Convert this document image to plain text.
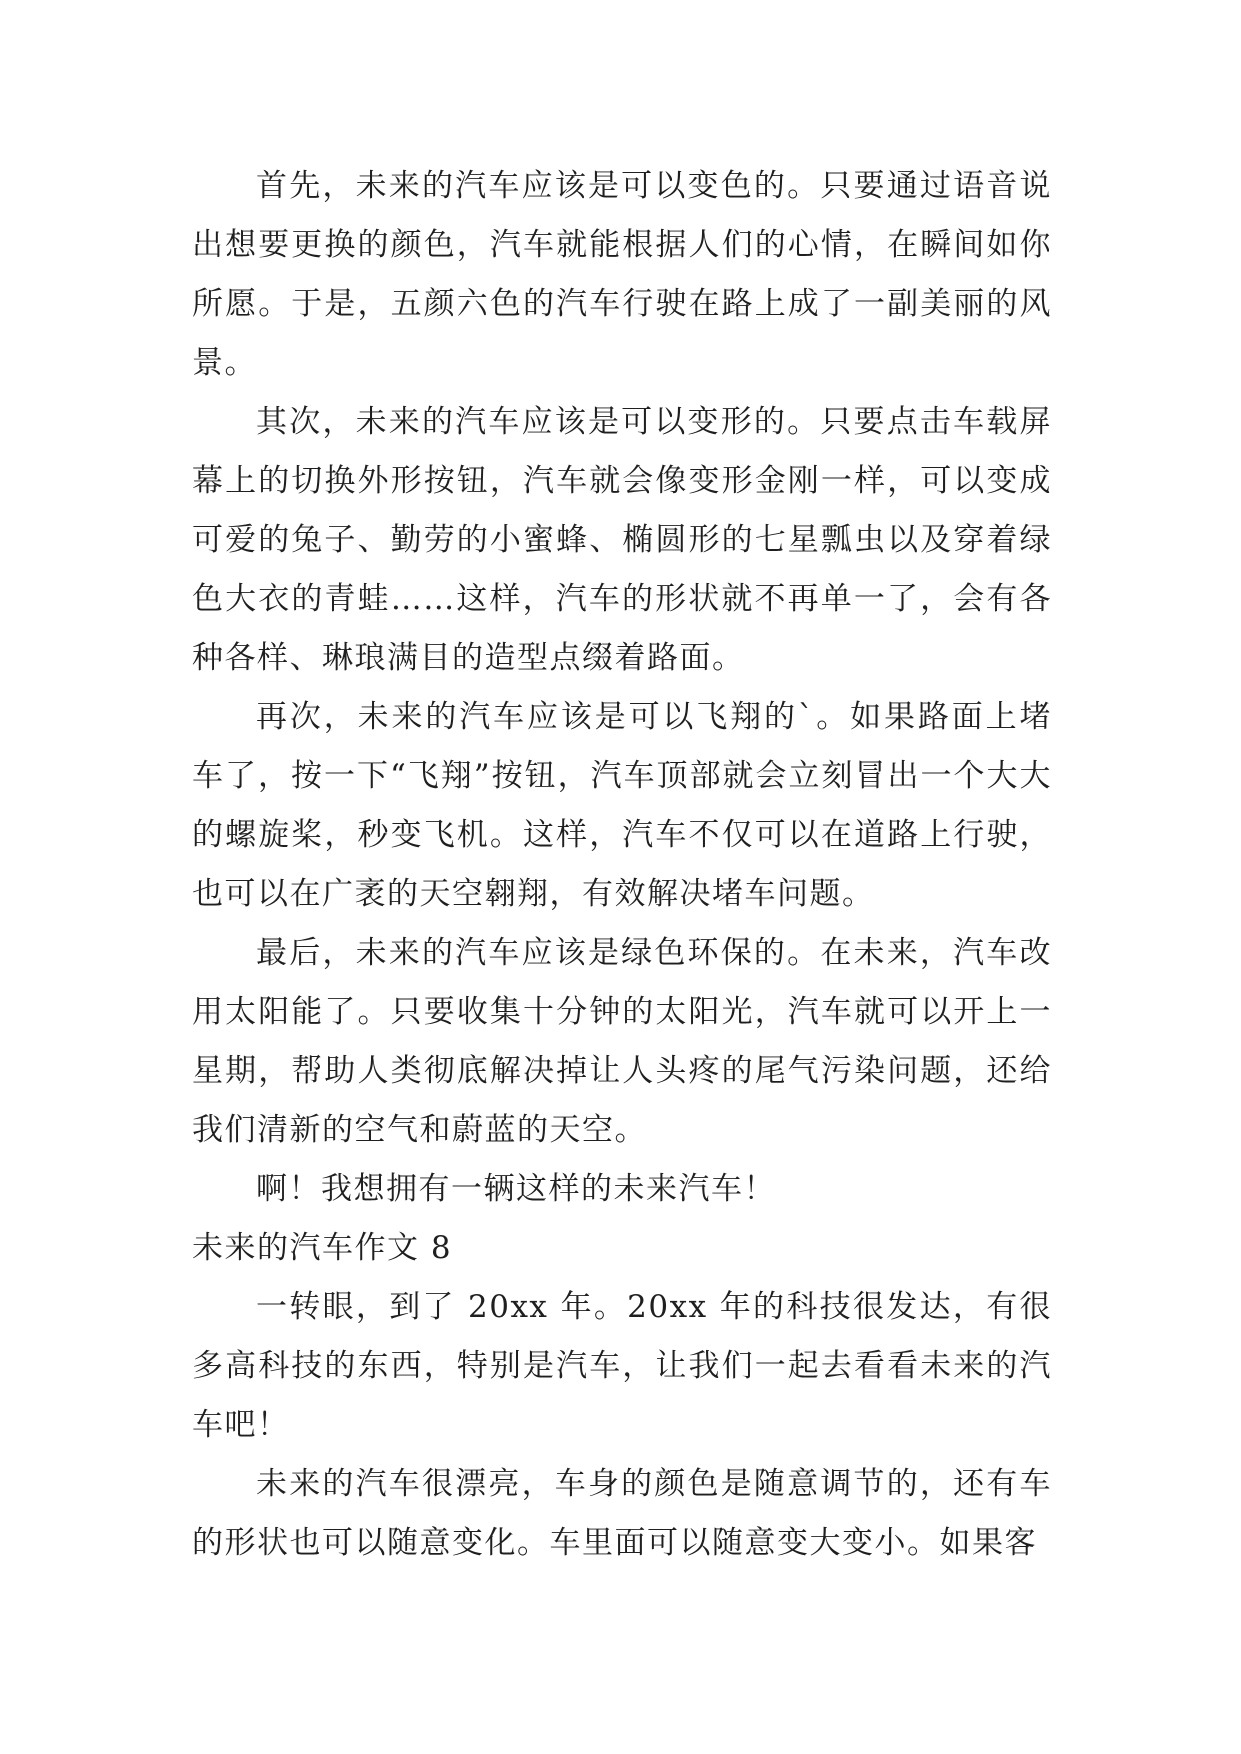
首先，未来的汽车应该是可以变色的。只要通过语音说出想要更换的颜色，汽车就能根据人们的心情，在瞬间如你所愿。于是，五颜六色的汽车行驶在路上成了一副美丽的风景。

其次，未来的汽车应该是可以变形的。只要点击车载屏幕上的切换外形按钮，汽车就会像变形金刚一样，可以变成可爱的兔子、勤劳的小蜜蜂、椭圆形的七星瓢虫以及穿着绿色大衣的青蛙……这样，汽车的形状就不再单一了，会有各种各样、琳琅满目的造型点缀着路面。

再次，未来的汽车应该是可以飞翔的`。如果路面上堵车了，按一下“飞翔”按钮，汽车顶部就会立刻冒出一个大大的螺旋桨，秒变飞机。这样，汽车不仅可以在道路上行驶，也可以在广袤的天空翱翔，有效解决堵车问题。

最后，未来的汽车应该是绿色环保的。在未来，汽车改用太阳能了。只要收集十分钟的太阳光，汽车就可以开上一星期，帮助人类彻底解决掉让人头疼的尾气污染问题，还给我们清新的空气和蔚蓝的天空。

啊！我想拥有一辆这样的未来汽车！

未来的汽车作文 8

一转眼，到了 20xx 年。20xx 年的科技很发达，有很多高科技的东西，特别是汽车，让我们一起去看看未来的汽车吧！

未来的汽车很漂亮，车身的颜色是随意调节的，还有车的形状也可以随意变化。车里面可以随意变大变小。如果客
